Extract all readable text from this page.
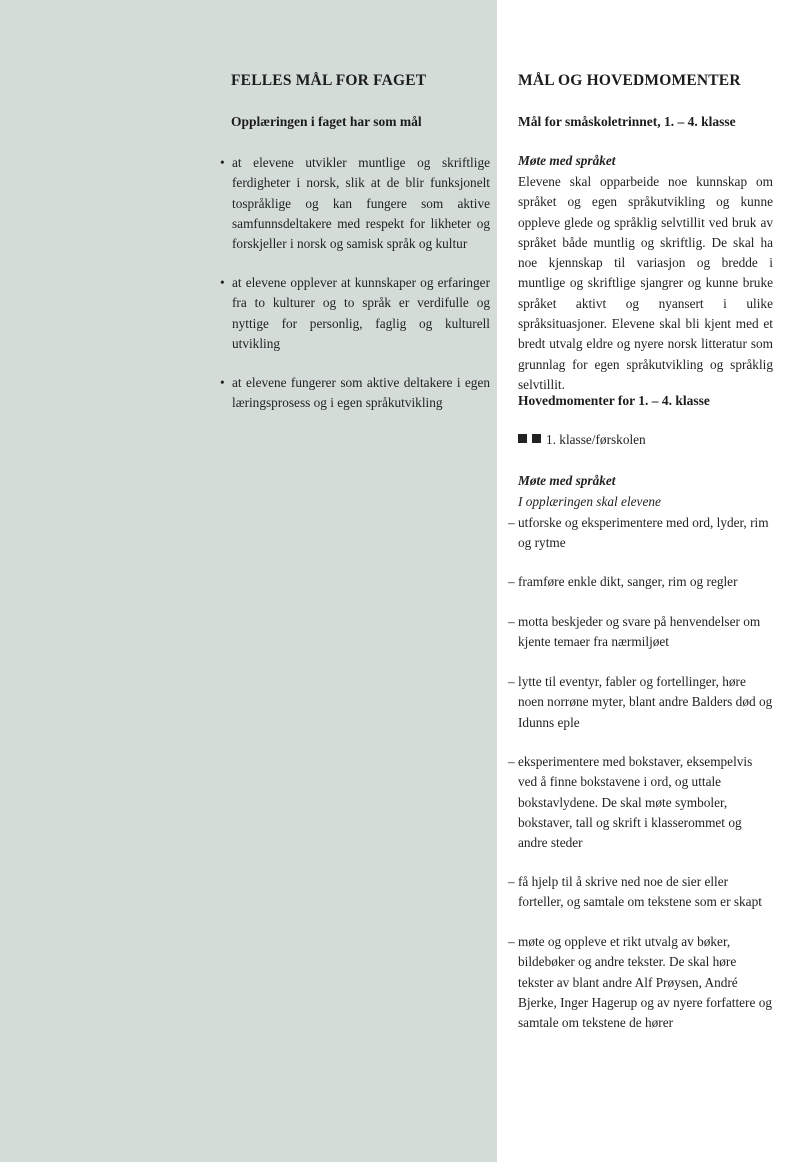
FELLES MÅL FOR FAGET
Opplæringen i faget har som mål

• at elevene utvikler muntlige og skriftlige ferdigheter i norsk, slik at de blir funksjonelt tospråklige og kan fungere som aktive samfunnsdeltakere med respekt for likheter og forskjeller i norsk og samisk språk og kultur

• at elevene opplever at kunnskaper og erfaringer fra to kulturer og to språk er verdifulle og nyttige for personlig, faglig og kulturell utvikling

• at elevene fungerer som aktive deltakere i egen læringsprosess og i egen språkutvikling

MÅL OG HOVEDMOMENTER
Mål for småskoletrinnet, 1. – 4. klasse

Møte med språket

Elevene skal opparbeide noe kunnskap om språket og egen språkutvikling og kunne oppleve glede og språklig selvtillit ved bruk av språket både muntlig og skriftlig. De skal ha noe kjennskap til variasjon og bredde i muntlige og skriftlige sjangrer og kunne bruke språket aktivt og nyansert i ulike språksituasjoner. Elevene skal bli kjent med et bredt utvalg eldre og nyere norsk litteratur som grunnlag for egen språkutvikling og språklig selvtillit.

Hovedmomenter for 1. – 4. klasse
1. klasse/førskolen

Møte med språket

I opplæringen skal elevene

– utforske og eksperimentere med ord, lyder, rim og rytme

– framføre enkle dikt, sanger, rim og regler

– motta beskjeder og svare på henvendelser om kjente temaer fra nærmiljøet

– lytte til eventyr, fabler og fortellinger, høre noen norrøne myter, blant andre Balders død og Idunns eple

– eksperimentere med bokstaver, eksempelvis ved å finne bokstavene i ord, og uttale bokstavlydene. De skal møte symboler, bokstaver, tall og skrift i klasserommet og andre steder

– få hjelp til å skrive ned noe de sier eller forteller, og samtale om tekstene som er skapt

– møte og oppleve et rikt utvalg av bøker, bildebøker og andre tekster. De skal høre tekster av blant andre Alf Prøysen, André Bjerke, Inger Hagerup og av nyere forfattere og samtale om tekstene de hører
